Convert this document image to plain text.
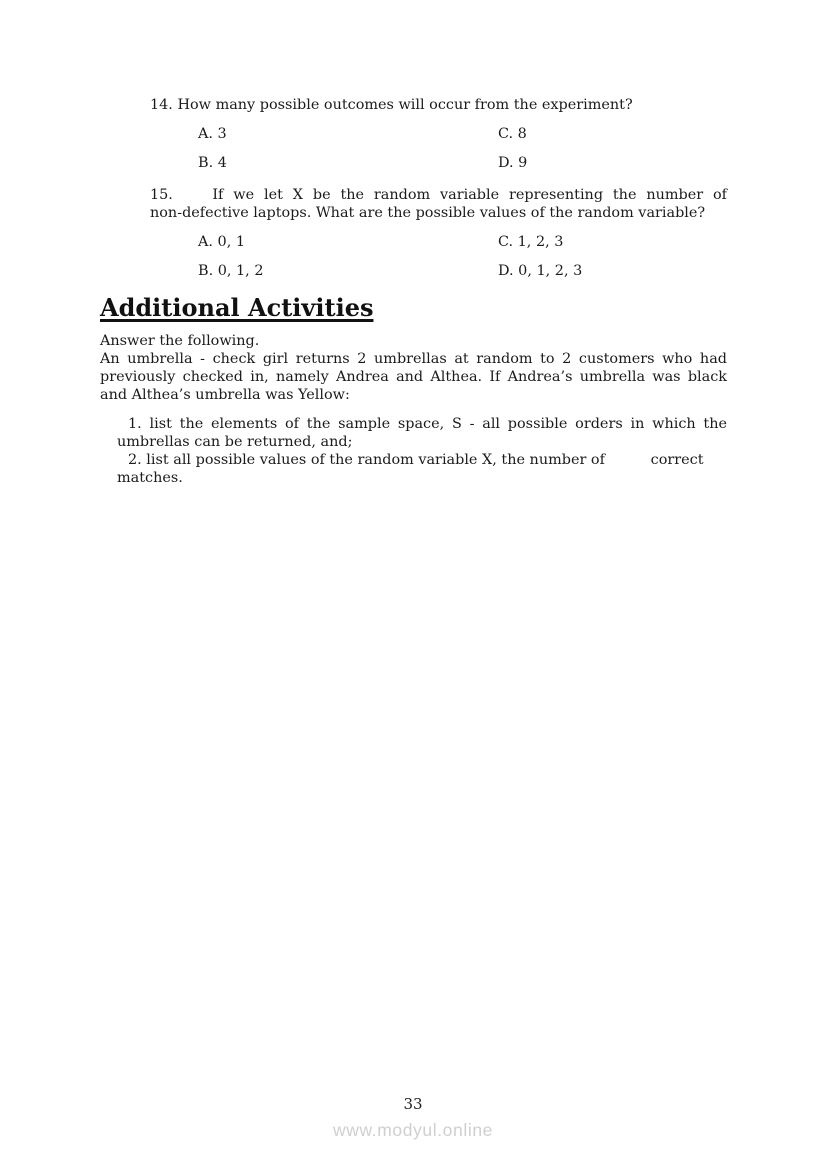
14. How many possible outcomes will occur from the experiment?
A. 3	C. 8
B. 4	D. 9
15.    If we let X be the random variable representing the number of
non-defective laptops. What are the possible values of the random variable?
A. 0, 1	C. 1, 2, 3
B. 0, 1, 2	D. 0, 1, 2, 3
Additional Activities
Answer the following.
An umbrella - check girl returns 2 umbrellas at random to 2 customers who had
previously checked in, namely Andrea and Althea. If Andrea’s umbrella was black
and Althea’s umbrella was Yellow:
1. list the elements of the sample space, S - all possible orders in which the
umbrellas can be returned, and;
2. list all possible values of the random variable X, the number of          correct
matches.
33
www.modyul.online
